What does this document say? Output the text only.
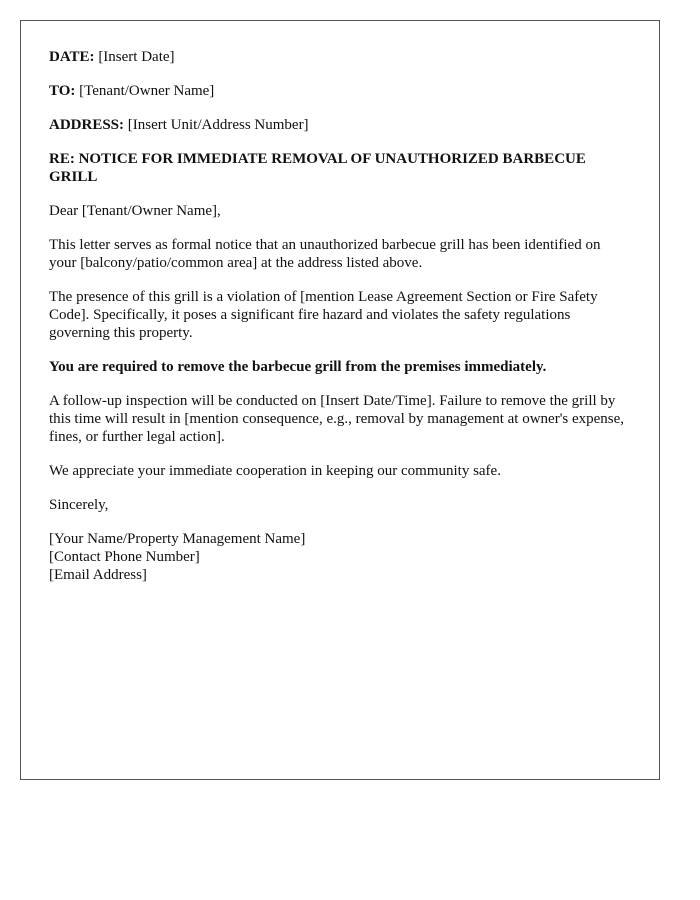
DATE: [Insert Date]

TO: [Tenant/Owner Name]

ADDRESS: [Insert Unit/Address Number]

RE: NOTICE FOR IMMEDIATE REMOVAL OF UNAUTHORIZED BARBECUE GRILL

Dear [Tenant/Owner Name],

This letter serves as formal notice that an unauthorized barbecue grill has been identified on your [balcony/patio/common area] at the address listed above.

The presence of this grill is a violation of [mention Lease Agreement Section or Fire Safety Code]. Specifically, it poses a significant fire hazard and violates the safety regulations governing this property.

You are required to remove the barbecue grill from the premises immediately.

A follow-up inspection will be conducted on [Insert Date/Time]. Failure to remove the grill by this time will result in [mention consequence, e.g., removal by management at owner's expense, fines, or further legal action].

We appreciate your immediate cooperation in keeping our community safe.

Sincerely,

[Your Name/Property Management Name]
[Contact Phone Number]
[Email Address]
